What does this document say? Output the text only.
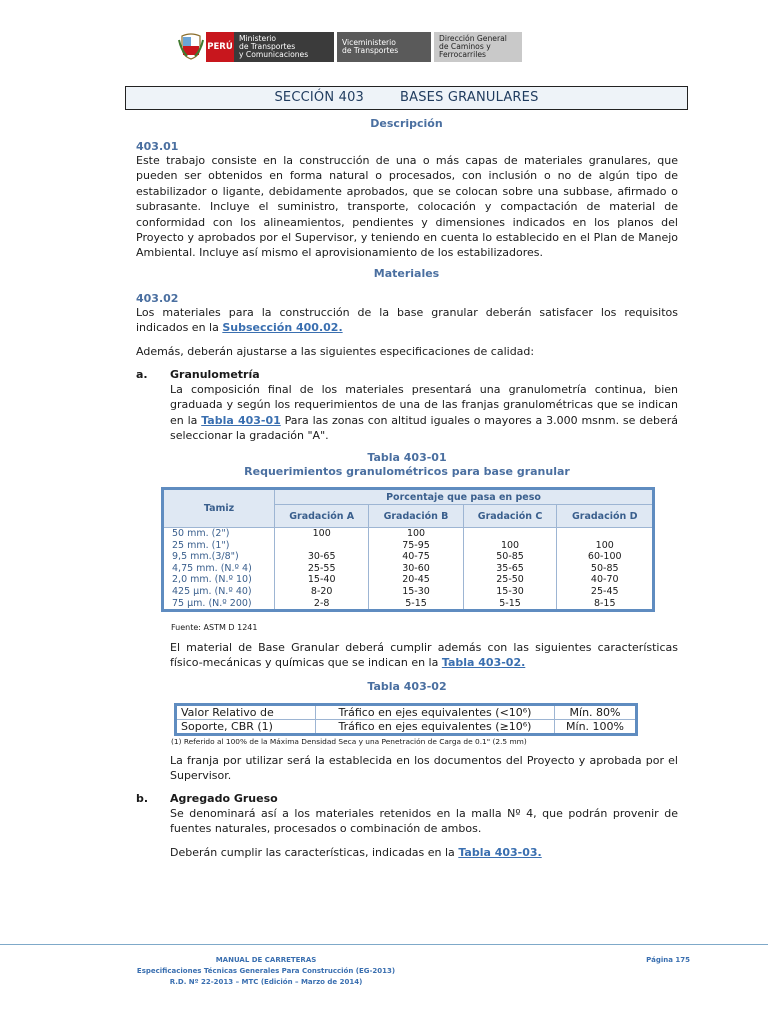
PERÚ
Ministerio
de Transportes
y Comunicaciones
Viceministerio
de Transportes
Dirección General
de Caminos y
Ferrocarriles
SECCIÓN 403	BASES GRANULARES
Descripción
403.01
Este trabajo consiste en la construcción de una o más capas de materiales granulares, que pueden ser obtenidos en forma natural o procesados, con inclusión o no de algún tipo de estabilizador o ligante, debidamente aprobados, que se colocan sobre una subbase, afirmado o subrasante. Incluye el suministro, transporte, colocación y compactación de material de conformidad con los alineamientos, pendientes y dimensiones indicados en los planos del Proyecto y aprobados por el Supervisor, y teniendo en cuenta lo establecido en el Plan de Manejo Ambiental. Incluye así mismo el aprovisionamiento de los estabilizadores.
Materiales
403.02
Los materiales para la construcción de la base granular deberán satisfacer los requisitos indicados en la Subsección 400.02.
Además, deberán ajustarse a las siguientes especificaciones de calidad:
a. Granulometría
La composición final de los materiales presentará una granulometría continua, bien graduada y según los requerimientos de una de las franjas granulométricas que se indican en la Tabla 403-01 Para las zonas con altitud iguales o mayores a 3.000 msnm. se deberá seleccionar la gradación "A".
Tabla 403-01
Requerimientos granulométricos para base granular
Tamiz	Porcentaje que pasa en peso			
	Gradación A	Gradación B	Gradación C	Gradación D
50 mm. (2")	100	100		
25 mm. (1")		75-95	100	100
9,5 mm.(3/8")	30-65	40-75	50-85	60-100
4,75 mm. (N.º 4)	25-55	30-60	35-65	50-85
2,0 mm. (N.º 10)	15-40	20-45	25-50	40-70
425 µm. (N.º 40)	8-20	15-30	15-30	25-45
75 µm. (N.º 200)	2-8	5-15	5-15	8-15
Fuente: ASTM D 1241
El material de Base Granular deberá cumplir además con las siguientes características físico-mecánicas y químicas que se indican en la Tabla 403-02.
Tabla 403-02
Valor Relativo de	Tráfico en ejes equivalentes (<10⁶)	Mín. 80%
Soporte, CBR (1)	Tráfico en ejes equivalentes (≥10⁶)	Mín. 100%
(1) Referido al 100% de la Máxima Densidad Seca y una Penetración de Carga de 0.1" (2.5 mm)
La franja por utilizar será la establecida en los documentos del Proyecto y aprobada por el Supervisor.
b. Agregado Grueso
Se denominará así a los materiales retenidos en la malla Nº 4, que podrán provenir de fuentes naturales, procesados o combinación de ambos.
Deberán cumplir las características, indicadas en la Tabla 403-03.
MANUAL DE CARRETERAS
Especificaciones Técnicas Generales Para Construcción (EG-2013)
R.D. Nº 22-2013 – MTC (Edición – Marzo de 2014)
Página 175
